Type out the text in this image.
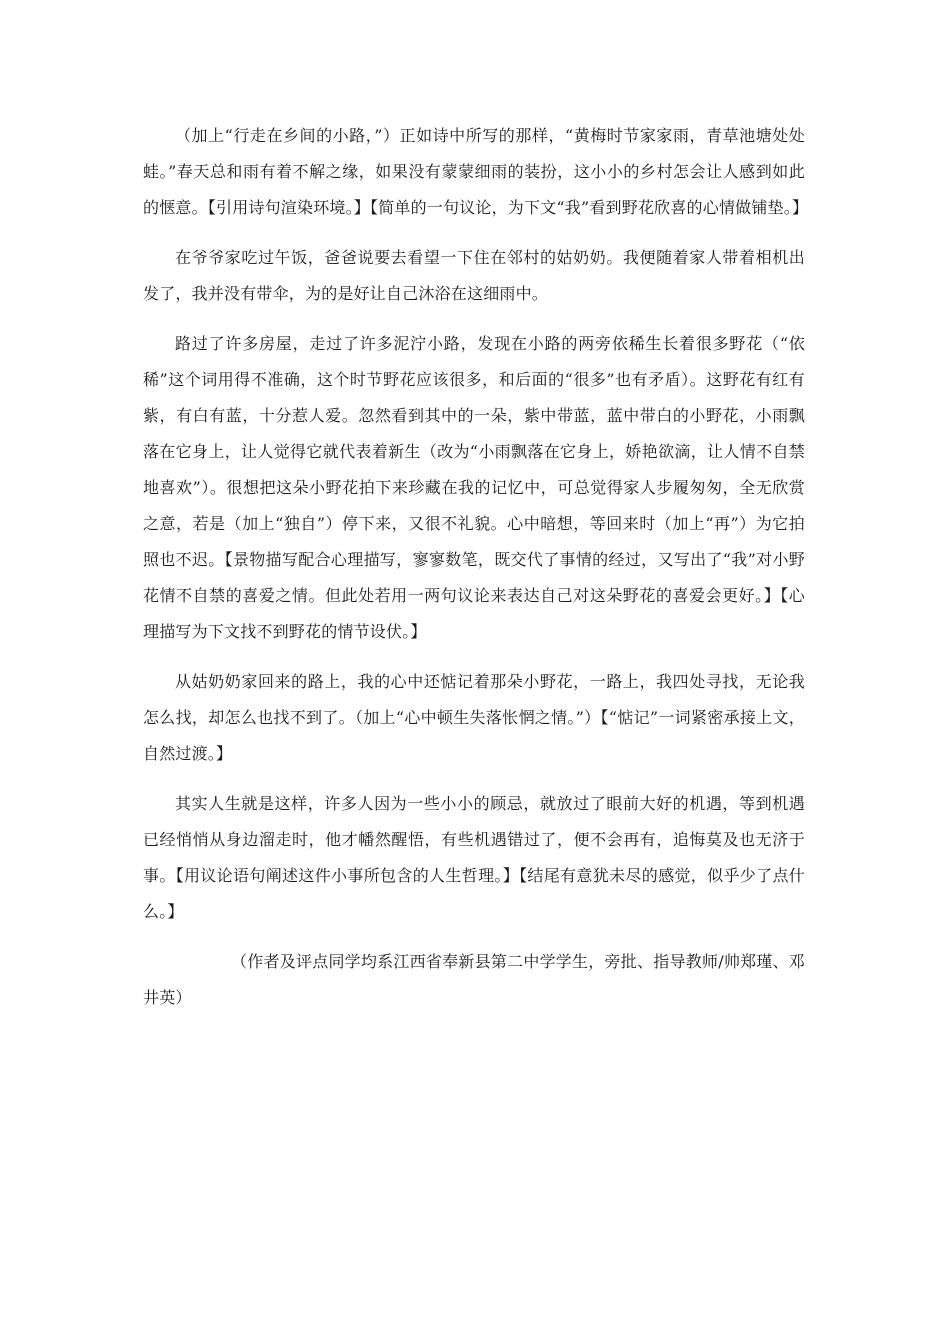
（加上“行走在乡间的小路，”）正如诗中所写的那样，“黄梅时节家家雨，青草池塘处处蛙。”春天总和雨有着不解之缘，如果没有蒙蒙细雨的装扮，这小小的乡村怎会让人感到如此的惬意。【引用诗句渲染环境。】【简单的一句议论，为下文“我”看到野花欣喜的心情做铺垫。】

在爷爷家吃过午饭，爸爸说要去看望一下住在邻村的姑奶奶。我便随着家人带着相机出发了，我并没有带伞，为的是好让自己沐浴在这细雨中。

路过了许多房屋，走过了许多泥泞小路，发现在小路的两旁依稀生长着很多野花（“依稀”这个词用得不准确，这个时节野花应该很多，和后面的“很多”也有矛盾）。这野花有红有紫，有白有蓝，十分惹人爱。忽然看到其中的一朵，紫中带蓝，蓝中带白的小野花，小雨飘落在它身上，让人觉得它就代表着新生（改为“小雨飘落在它身上，娇艳欲滴，让人情不自禁地喜欢”）。很想把这朵小野花拍下来珍藏在我的记忆中，可总觉得家人步履匆匆，全无欣赏之意，若是（加上“独自”）停下来，又很不礼貌。心中暗想，等回来时（加上“再”）为它拍照也不迟。【景物描写配合心理描写，寥寥数笔，既交代了事情的经过，又写出了“我”对小野花情不自禁的喜爱之情。但此处若用一两句议论来表达自己对这朵野花的喜爱会更好。】【心理描写为下文找不到野花的情节设伏。】

从姑奶奶家回来的路上，我的心中还惦记着那朵小野花，一路上，我四处寻找，无论我怎么找，却怎么也找不到了。（加上“心中顿生失落怅惘之情。”）【“惦记”一词紧密承接上文，自然过渡。】

其实人生就是这样，许多人因为一些小小的顾忌，就放过了眼前大好的机遇，等到机遇已经悄悄从身边溜走时，他才幡然醒悟，有些机遇错过了，便不会再有，追悔莫及也无济于事。【用议论语句阐述这件小事所包含的人生哲理。】【结尾有意犹未尽的感觉，似乎少了点什么。】

（作者及评点同学均系江西省奉新县第二中学学生，旁批、指导教师/帅郑瑾、邓井英）
